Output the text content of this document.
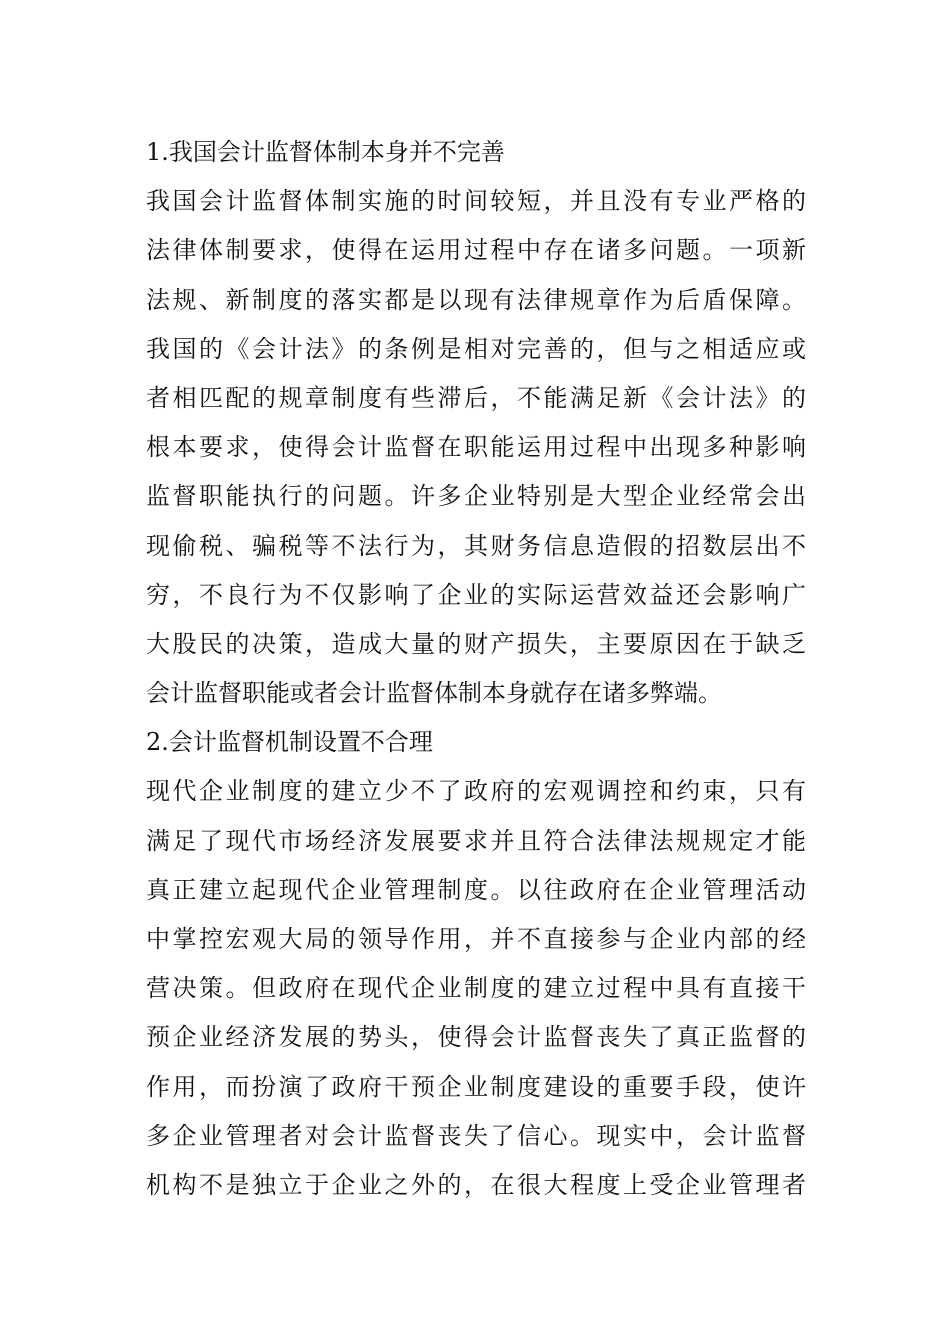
1.我国会计监督体制本身并不完善
我国会计监督体制实施的时间较短，并且没有专业严格的
法律体制要求，使得在运用过程中存在诸多问题。一项新
法规、新制度的落实都是以现有法律规章作为后盾保障。
我国的《会计法》的条例是相对完善的，但与之相适应或
者相匹配的规章制度有些滞后，不能满足新《会计法》的
根本要求，使得会计监督在职能运用过程中出现多种影响
监督职能执行的问题。许多企业特别是大型企业经常会出
现偷税、骗税等不法行为，其财务信息造假的招数层出不
穷，不良行为不仅影响了企业的实际运营效益还会影响广
大股民的决策，造成大量的财产损失，主要原因在于缺乏
会计监督职能或者会计监督体制本身就存在诸多弊端。
2.会计监督机制设置不合理
现代企业制度的建立少不了政府的宏观调控和约束，只有
满足了现代市场经济发展要求并且符合法律法规规定才能
真正建立起现代企业管理制度。以往政府在企业管理活动
中掌控宏观大局的领导作用，并不直接参与企业内部的经
营决策。但政府在现代企业制度的建立过程中具有直接干
预企业经济发展的势头，使得会计监督丧失了真正监督的
作用，而扮演了政府干预企业制度建设的重要手段，使许
多企业管理者对会计监督丧失了信心。现实中，会计监督
机构不是独立于企业之外的，在很大程度上受企业管理者
